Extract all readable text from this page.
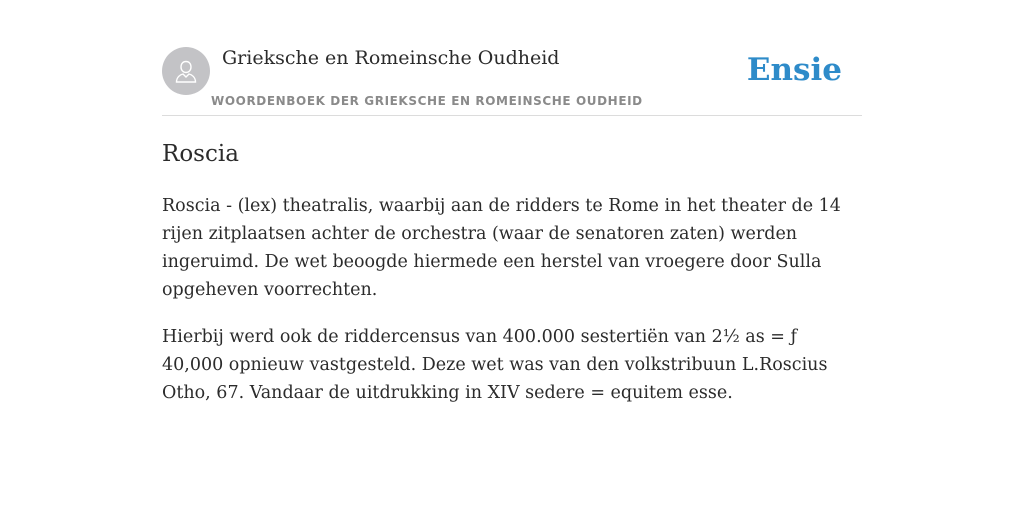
Grieksche en Romeinsche Oudheid
WOORDENBOEK DER GRIEKSCHE EN ROMEINSCHE OUDHEID
Ensie
Roscia

Roscia - (lex) theatralis, waarbij aan de ridders te Rome in het theater de 14 rijen zitplaatsen achter de orchestra (waar de senatoren zaten) werden ingeruimd. De wet beoogde hiermede een herstel van vroegere door Sulla opgeheven voorrechten.

Hierbij werd ook de riddercensus van 400.000 sestertiën van 2½ as = ƒ 40,000 opnieuw vastgesteld. Deze wet was van den volkstribuun L.Roscius Otho, 67. Vandaar de uitdrukking in XIV sedere = equitem esse.
